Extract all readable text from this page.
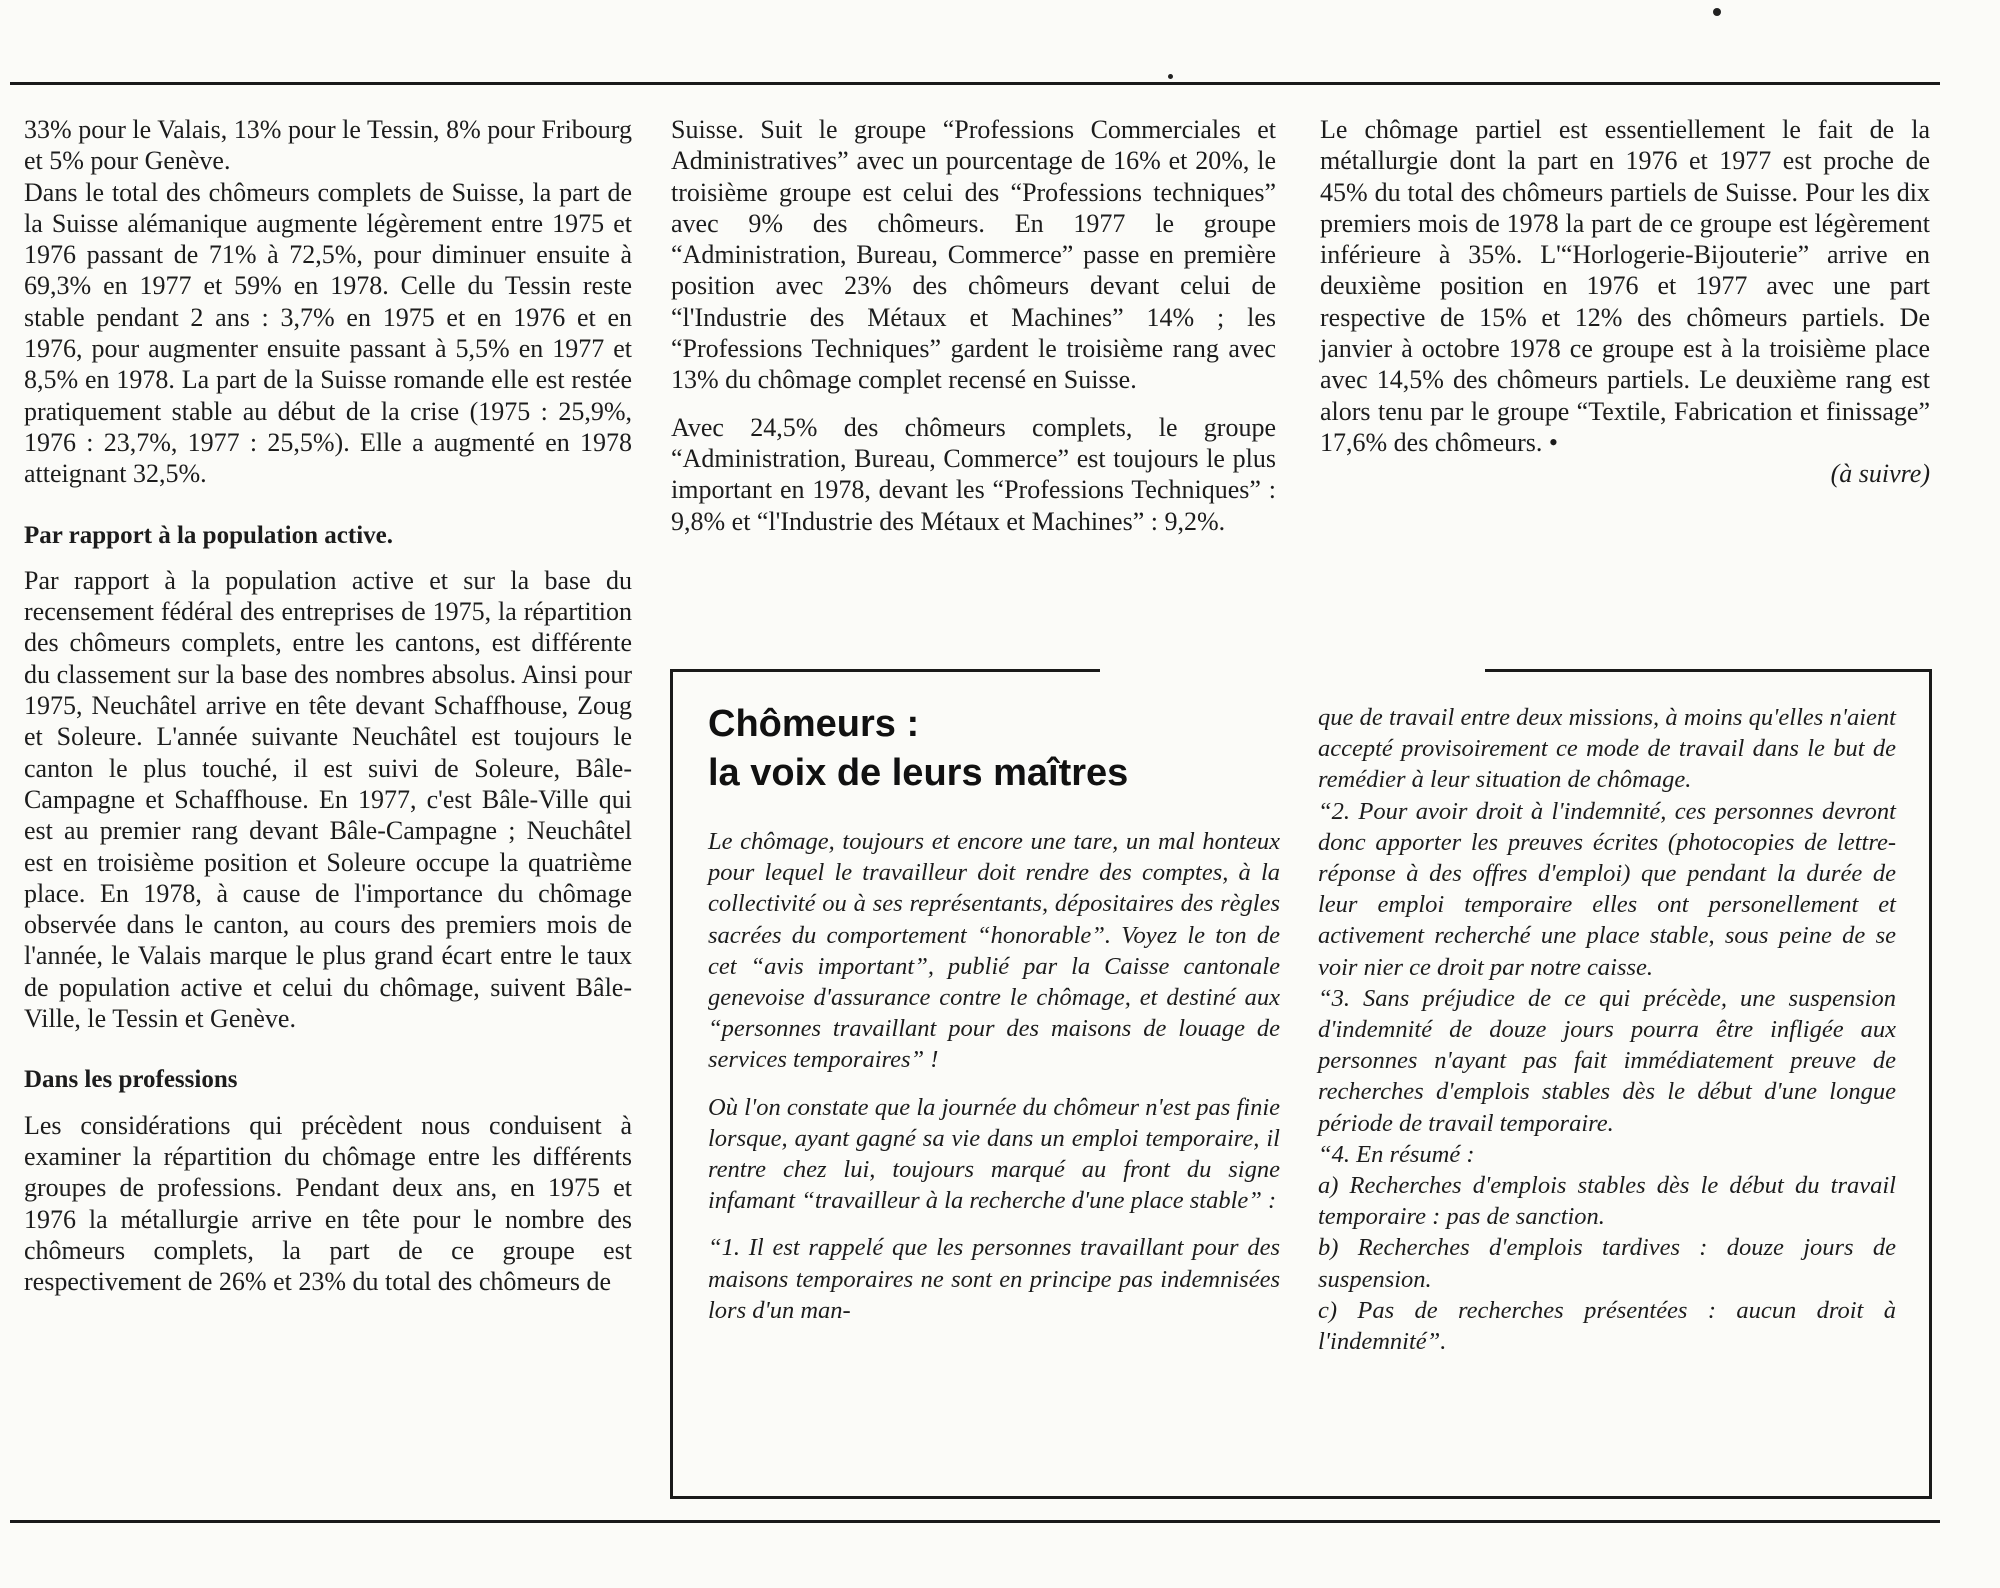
33% pour le Valais, 13% pour le Tessin, 8% pour Fribourg et 5% pour Genève.

Dans le total des chômeurs complets de Suisse, la part de la Suisse alémanique augmente légèrement entre 1975 et 1976 passant de 71% à 72,5%, pour diminuer ensuite à 69,3% en 1977 et 59% en 1978. Celle du Tessin reste stable pendant 2 ans : 3,7% en 1975 et en 1976 et en 1976, pour augmenter ensuite passant à 5,5% en 1977 et 8,5% en 1978. La part de la Suisse romande elle est restée pratiquement stable au début de la crise (1975 : 25,9%, 1976 : 23,7%, 1977 : 25,5%). Elle a augmenté en 1978 atteignant 32,5%.

Par rapport à la population active.

Par rapport à la population active et sur la base du recensement fédéral des entreprises de 1975, la répartition des chômeurs complets, entre les cantons, est différente du classement sur la base des nombres absolus. Ainsi pour 1975, Neuchâtel arrive en tête devant Schaffhouse, Zoug et Soleure. L'année suivante Neuchâtel est toujours le canton le plus touché, il est suivi de Soleure, Bâle-Campagne et Schaffhouse. En 1977, c'est Bâle-Ville qui est au premier rang devant Bâle-Campagne ; Neuchâtel est en troisième position et Soleure occupe la quatrième place. En 1978, à cause de l'importance du chômage observée dans le canton, au cours des premiers mois de l'année, le Valais marque le plus grand écart entre le taux de population active et celui du chômage, suivent Bâle-Ville, le Tessin et Genève.

Dans les professions

Les considérations qui précèdent nous conduisent à examiner la répartition du chômage entre les différents groupes de professions. Pendant deux ans, en 1975 et 1976 la métallurgie arrive en tête pour le nombre des chômeurs complets, la part de ce groupe est respectivement de 26% et 23% du total des chômeurs de

Suisse. Suit le groupe “Professions Commerciales et Administratives” avec un pourcentage de 16% et 20%, le troisième groupe est celui des “Professions techniques” avec 9% des chômeurs. En 1977 le groupe “Administration, Bureau, Commerce” passe en première position avec 23% des chômeurs devant celui de “l'Industrie des Métaux et Machines” 14% ; les “Professions Techniques” gardent le troisième rang avec 13% du chômage complet recensé en Suisse.

Avec 24,5% des chômeurs complets, le groupe “Administration, Bureau, Commerce” est toujours le plus important en 1978, devant les “Professions Techniques” : 9,8% et “l'Industrie des Métaux et Machines” : 9,2%.

Le chômage partiel est essentiellement le fait de la métallurgie dont la part en 1976 et 1977 est proche de 45% du total des chômeurs partiels de Suisse. Pour les dix premiers mois de 1978 la part de ce groupe est légèrement inférieure à 35%. L'“Horlogerie-Bijouterie” arrive en deuxième position en 1976 et 1977 avec une part respective de 15% et 12% des chômeurs partiels. De janvier à octobre 1978 ce groupe est à la troisième place avec 14,5% des chômeurs partiels. Le deuxième rang est alors tenu par le groupe “Textile, Fabrication et finissage” 17,6% des chômeurs. •

(à suivre)

Chômeurs :
la voix de leurs maîtres

Le chômage, toujours et encore une tare, un mal honteux pour lequel le travailleur doit rendre des comptes, à la collectivité ou à ses représentants, dépositaires des règles sacrées du comportement “honorable”. Voyez le ton de cet “avis important”, publié par la Caisse cantonale genevoise d'assurance contre le chômage, et destiné aux “personnes travaillant pour des maisons de louage de services temporaires” !

Où l'on constate que la journée du chômeur n'est pas finie lorsque, ayant gagné sa vie dans un emploi temporaire, il rentre chez lui, toujours marqué au front du signe infamant “travailleur à la recherche d'une place stable” :

“1. Il est rappelé que les personnes travaillant pour des maisons temporaires ne sont en principe pas indemnisées lors d'un man-

que de travail entre deux missions, à moins qu'elles n'aient accepté provisoirement ce mode de travail dans le but de remédier à leur situation de chômage.

“2. Pour avoir droit à l'indemnité, ces personnes devront donc apporter les preuves écrites (photocopies de lettre-réponse à des offres d'emploi) que pendant la durée de leur emploi temporaire elles ont personellement et activement recherché une place stable, sous peine de se voir nier ce droit par notre caisse.

“3. Sans préjudice de ce qui précède, une suspension d'indemnité de douze jours pourra être infligée aux personnes n'ayant pas fait immédiatement preuve de recherches d'emplois stables dès le début d'une longue période de travail temporaire.

“4. En résumé :

a) Recherches d'emplois stables dès le début du travail temporaire : pas de sanction.

b) Recherches d'emplois tardives : douze jours de suspension.

c) Pas de recherches présentées : aucun droit à l'indemnité”.
